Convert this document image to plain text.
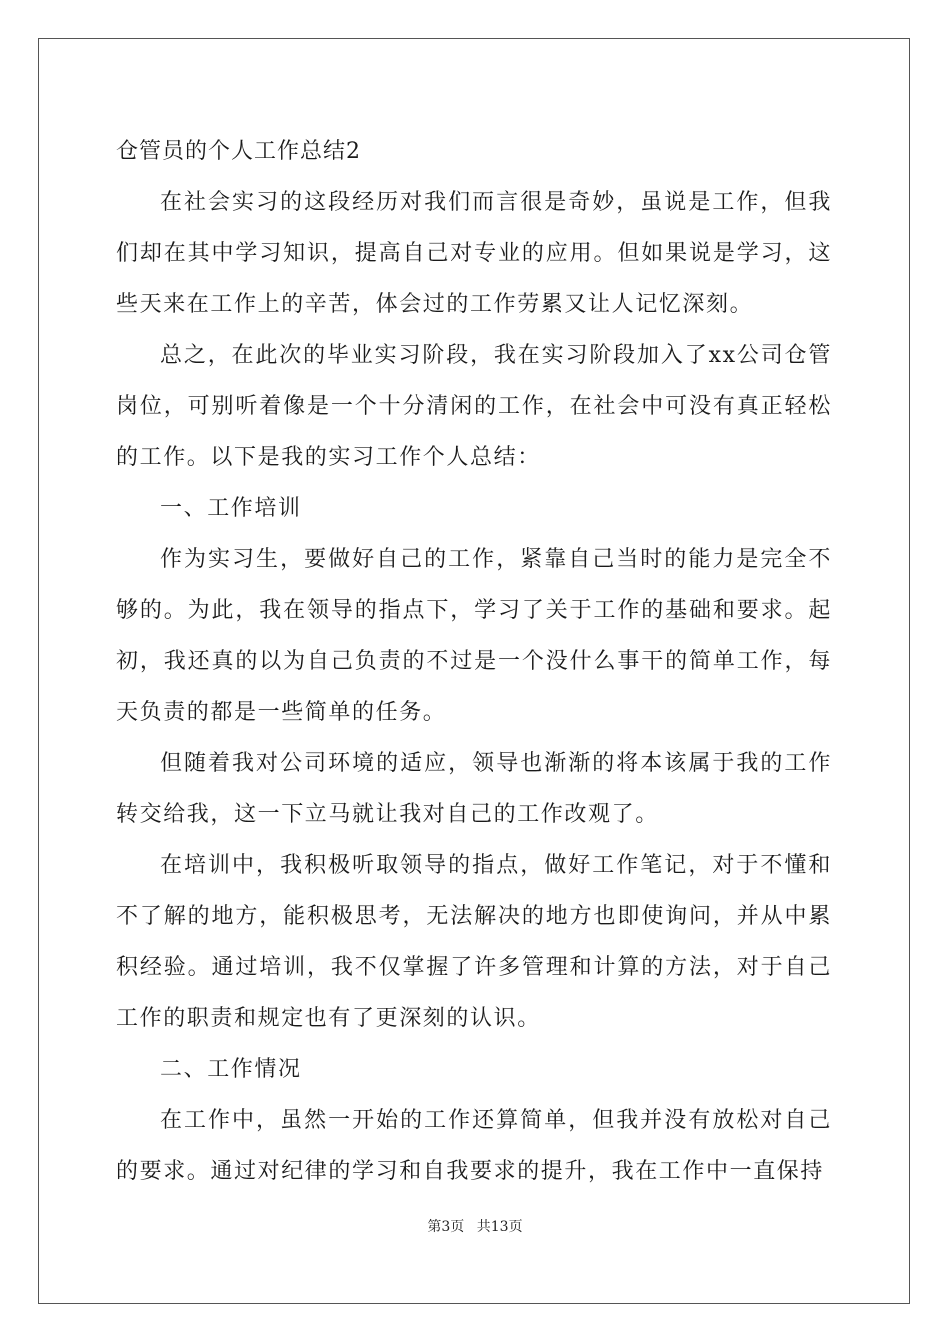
仓管员的个人工作总结2

在社会实习的这段经历对我们而言很是奇妙，虽说是工作，但我们却在其中学习知识，提高自己对专业的应用。但如果说是学习，这些天来在工作上的辛苦，体会过的工作劳累又让人记忆深刻。

总之，在此次的毕业实习阶段，我在实习阶段加入了xx公司仓管岗位，可别听着像是一个十分清闲的工作，在社会中可没有真正轻松的工作。以下是我的实习工作个人总结：

一、工作培训

作为实习生，要做好自己的工作，紧靠自己当时的能力是完全不够的。为此，我在领导的指点下，学习了关于工作的基础和要求。起初，我还真的以为自己负责的不过是一个没什么事干的简单工作，每天负责的都是一些简单的任务。

但随着我对公司环境的适应，领导也渐渐的将本该属于我的工作转交给我，这一下立马就让我对自己的工作改观了。

在培训中，我积极听取领导的指点，做好工作笔记，对于不懂和不了解的地方，能积极思考，无法解决的地方也即使询问，并从中累积经验。通过培训，我不仅掌握了许多管理和计算的方法，对于自己工作的职责和规定也有了更深刻的认识。

二、工作情况

在工作中，虽然一开始的工作还算简单，但我并没有放松对自己的要求。通过对纪律的学习和自我要求的提升，我在工作中一直保持

第3页 共13页
